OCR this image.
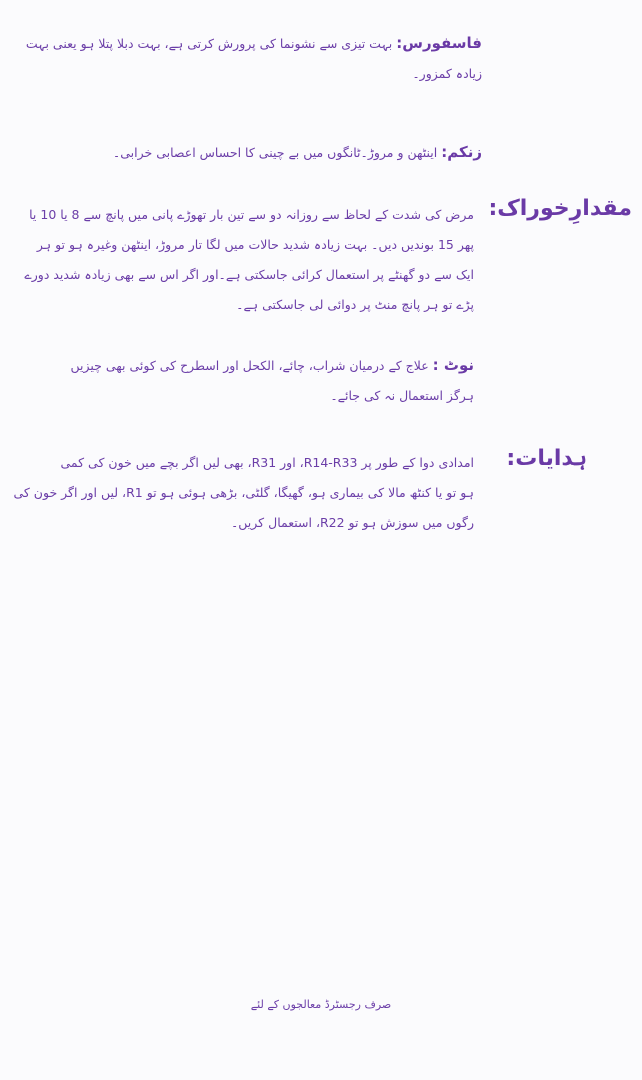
فاسفورس: بہت تیزی سے نشونما کی پرورش کرتی ہے، بہت دبلا پتلا ہو یعنی بہت
زیادہ کمزور۔
زنکم: اینٹھن و مروڑ۔ٹانگوں میں بے چینی کا احساس اعصابی خرابی۔
مقدارِخوراک:
مرض کی شدت کے لحاظ سے روزانہ دو سے تین بار تھوڑے پانی میں پانچ سے 8 یا 10 یا
پھر 15 بوندیں دیں۔ بہت زیادہ شدید حالات میں لگا تار مروڑ، اینٹھن وغیرہ ہو تو ہر
ایک سے دو گھنٹے پر استعمال کرائی جاسکتی ہے۔اور اگر اس سے بھی زیادہ شدید دورے
پڑے تو ہر پانچ منٹ پر دوائی لی جاسکتی ہے۔
نوٹ : علاج کے درمیان شراب، چائے، الکحل اور اسطرح کی کوئی بھی چیزیں
ہرگز استعمال نہ کی جائے۔
ہدایات:
امدادی دوا کے طور پر R14-R33، اور R31، بھی لیں اگر بچے میں خون کی کمی
ہو تو یا کنٹھ مالا کی بیماری ہو، گھیگا، گلٹی، بڑھی ہوئی ہو تو R1، لیں اور اگر خون کی
رگوں میں سوزش ہو تو R22، استعمال کریں۔
صرف رجسٹرڈ معالجوں کے لئے
